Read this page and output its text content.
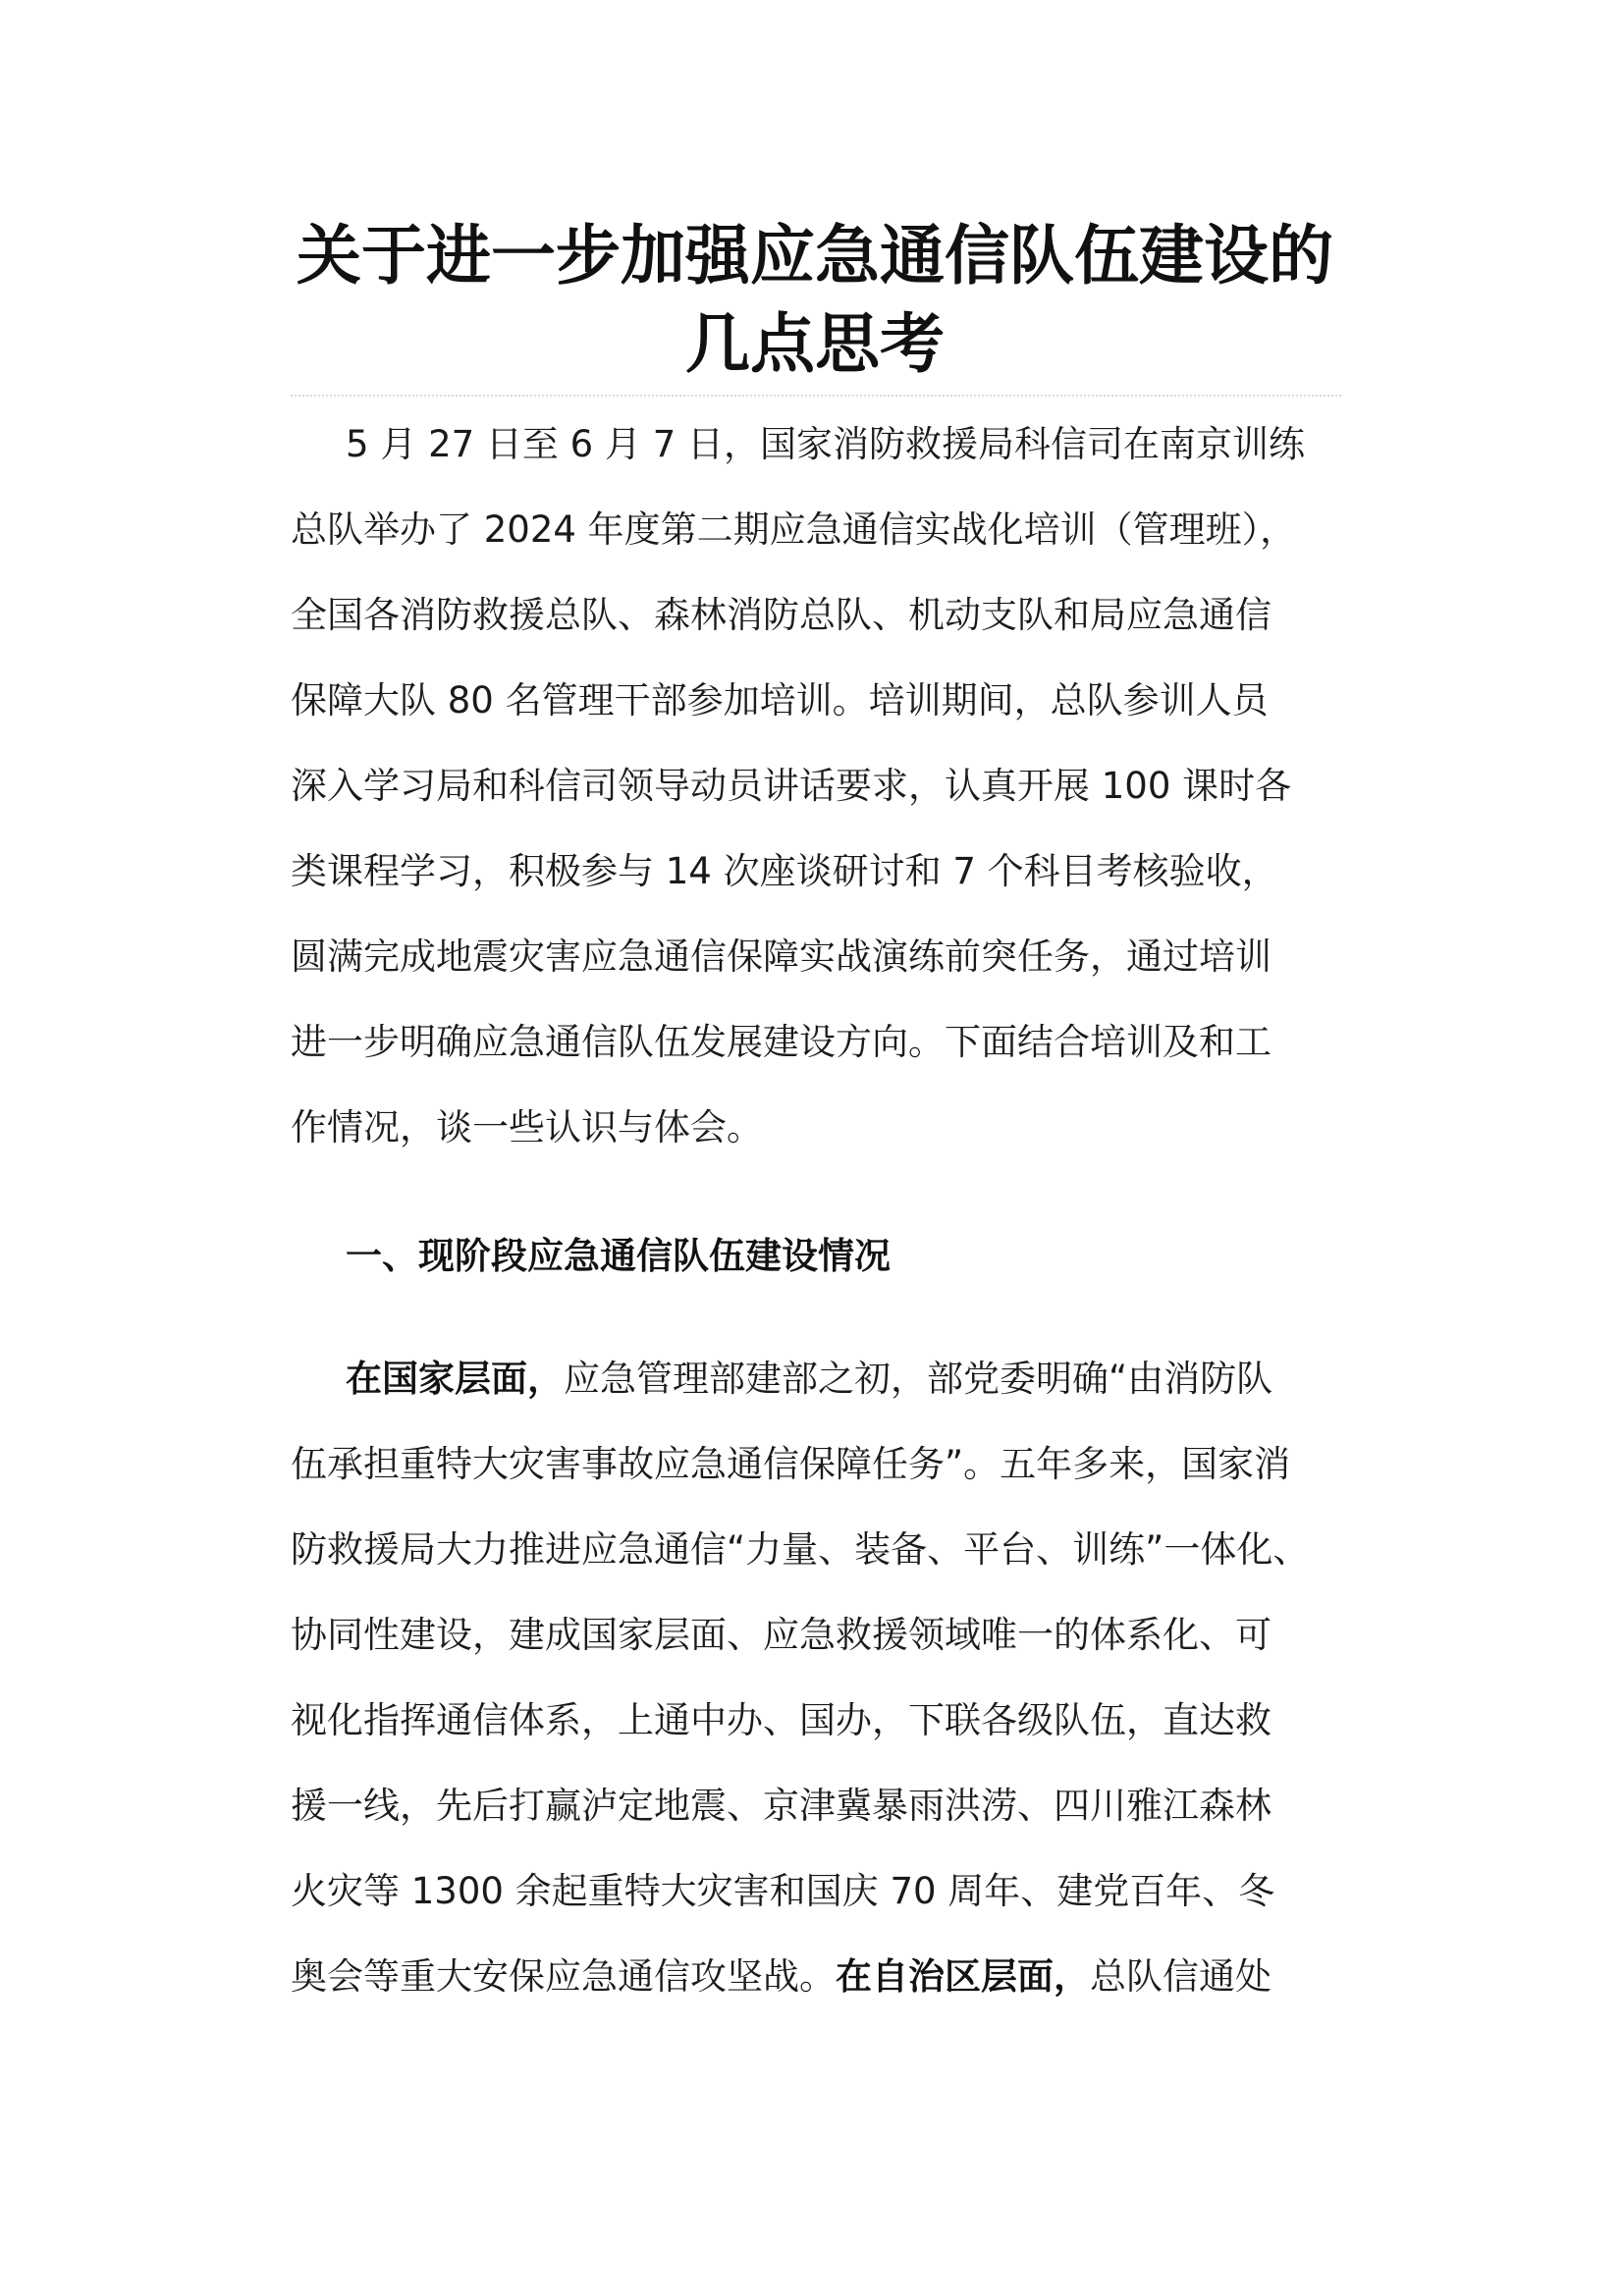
关于进一步加强应急通信队伍建设的
几点思考
5 月 27 日至 6 月 7 日，国家消防救援局科信司在南京训练
总队举办了 2024 年度第二期应急通信实战化培训（管理班），
全国各消防救援总队、森林消防总队、机动支队和局应急通信
保障大队 80 名管理干部参加培训。培训期间，总队参训人员
深入学习局和科信司领导动员讲话要求，认真开展 100 课时各
类课程学习，积极参与 14 次座谈研讨和 7 个科目考核验收，
圆满完成地震灾害应急通信保障实战演练前突任务，通过培训
进一步明确应急通信队伍发展建设方向。下面结合培训及和工
作情况，谈一些认识与体会。
一、现阶段应急通信队伍建设情况
在国家层面，应急管理部建部之初，部党委明确“由消防队
伍承担重特大灾害事故应急通信保障任务”。五年多来，国家消
防救援局大力推进应急通信“力量、装备、平台、训练”一体化、
协同性建设，建成国家层面、应急救援领域唯一的体系化、可
视化指挥通信体系，上通中办、国办，下联各级队伍，直达救
援一线，先后打赢泸定地震、京津冀暴雨洪涝、四川雅江森林
火灾等 1300 余起重特大灾害和国庆 70 周年、建党百年、冬
奥会等重大安保应急通信攻坚战。在自治区层面，总队信通处
